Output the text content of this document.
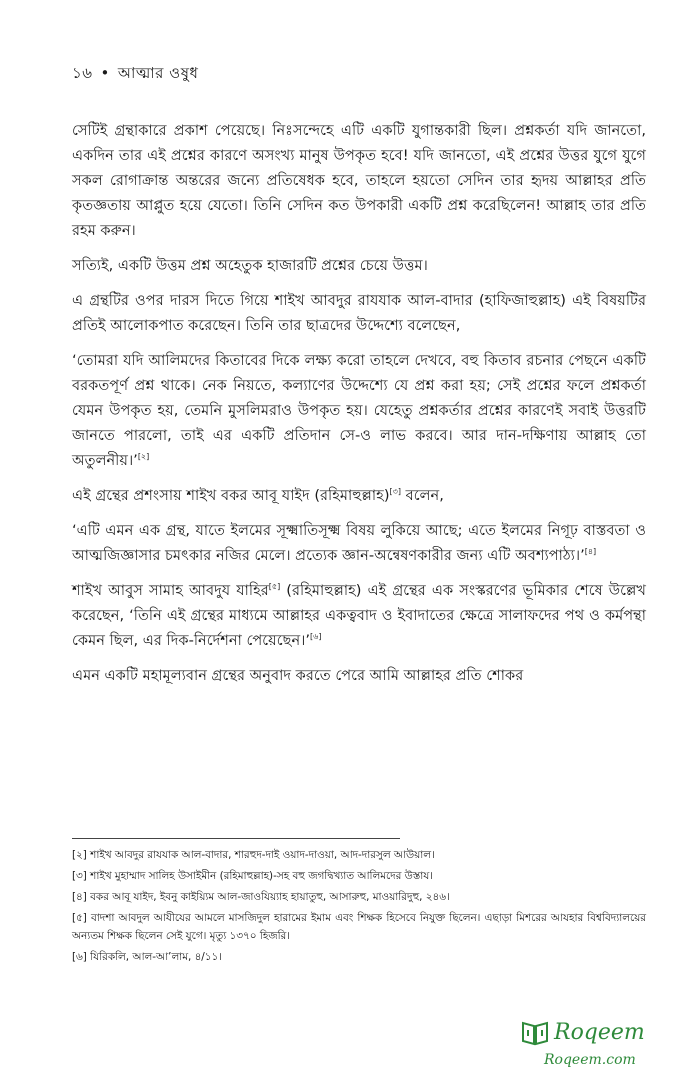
১৬ • আত্মার ওষুধ

সেটিই গ্রন্থাকারে প্রকাশ পেয়েছে। নিঃসন্দেহে এটি একটি যুগান্তকারী ছিল। প্রশ্নকর্তা যদি জানতো, একদিন তার এই প্রশ্নের কারণে অসংখ্য মানুষ উপকৃত হবে! যদি জানতো, এই প্রশ্নের উত্তর যুগে যুগে সকল রোগাক্রান্ত অন্তরের জন্যে প্রতিষেধক হবে, তাহলে হয়তো সেদিন তার হৃদয় আল্লাহর প্রতি কৃতজ্ঞতায় আপ্লুত হয়ে যেতো। তিনি সেদিন কত উপকারী একটি প্রশ্ন করেছিলেন! আল্লাহ তার প্রতি রহম করুন।

সত্যিই, একটি উত্তম প্রশ্ন অহেতুক হাজারটি প্রশ্নের চেয়ে উত্তম।

এ গ্রন্থটির ওপর দারস দিতে গিয়ে শাইখ আবদুর রাযযাক আল-বাদার (হাফিজাহুল্লাহ) এই বিষয়টির প্রতিই আলোকপাত করেছেন। তিনি তার ছাত্রদের উদ্দেশ্যে বলেছেন,

‘তোমরা যদি আলিমদের কিতাবের দিকে লক্ষ্য করো তাহলে দেখবে, বহু কিতাব রচনার পেছনে একটি বরকতপূর্ণ প্রশ্ন থাকে। নেক নিয়তে, কল্যাণের উদ্দেশ্যে যে প্রশ্ন করা হয়; সেই প্রশ্নের ফলে প্রশ্নকর্তা যেমন উপকৃত হয়, তেমনি মুসলিমরাও উপকৃত হয়। যেহেতু প্রশ্নকর্তার প্রশ্নের কারণেই সবাই উত্তরটি জানতে পারলো, তাই এর একটি প্রতিদান সে-ও লাভ করবে। আর দান-দক্ষিণায় আল্লাহ তো অতুলনীয়।’[২]

এই গ্রন্থের প্রশংসায় শাইখ বকর আবূ যাইদ (রহিমাহুল্লাহ)[৩] বলেন,

‘এটি এমন এক গ্রন্থ, যাতে ইলমের সূক্ষ্মাতিসূক্ষ্ম বিষয় লুকিয়ে আছে; এতে ইলমের নিগূঢ় বাস্তবতা ও আত্মজিজ্ঞাসার চমৎকার নজির মেলে। প্রত্যেক জ্ঞান-অন্বেষণকারীর জন্য এটি অবশ্যপাঠ্য।’[৪]

শাইখ আবুস সামাহ আবদুয যাহির[৫] (রহিমাহুল্লাহ) এই গ্রন্থের এক সংস্করণের ভূমিকার শেষে উল্লেখ করেছেন, ‘তিনি এই গ্রন্থের মাধ্যমে আল্লাহর একত্ববাদ ও ইবাদাতের ক্ষেত্রে সালাফদের পথ ও কর্মপন্থা কেমন ছিল, এর দিক-নির্দেশনা পেয়েছেন।’[৬]

এমন একটি মহামূল্যবান গ্রন্থের অনুবাদ করতে পেরে আমি আল্লাহর প্রতি শোকর

[২] শাইখ আবদুর রাযযাক আল-বাদার, শারহুদ-দাই ওয়াদ-দাওয়া, আদ-দারসুল আউয়াল।

[৩] শাইখ মুহাম্মাদ সালিহ উসাইমীন (রহিমাহুল্লাহ)-সহ বহু জগদ্বিখ্যাত আলিমদের উস্তায।

[৪] বকর আবূ যাইদ, ইবনু কাইয়্যিম আল-জাওযিয়্যাহ হায়াতুহু, আসারুহু, মাওয়ারিদুহু, ২৪৬।

[৫] বাদশা আবদুল আযীযের আমলে মাসজিদুল হারামের ইমাম এবং শিক্ষক হিসেবে নিযুক্ত ছিলেন। এছাড়া মিশরের আযহার বিশ্ববিদ্যালয়ের অন্যতম শিক্ষক ছিলেন সেই যুগে। মৃত্যু ১৩৭০ হিজরি।

[৬] যিরিকলি, আল-আ’লাম, ৪/১১।

Roqeem
Roqeem.com
